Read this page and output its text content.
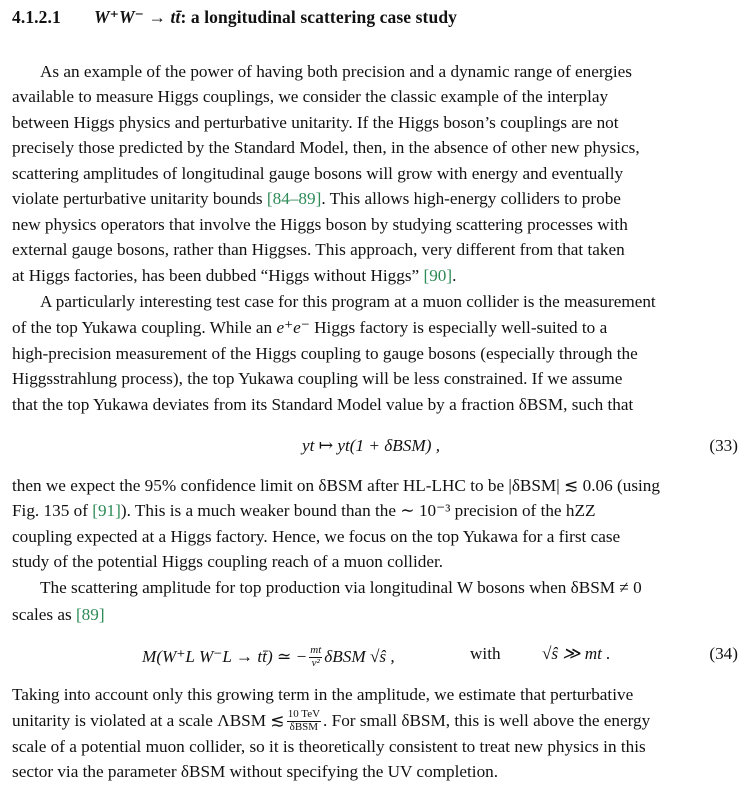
4.1.2.1 W⁺W⁻ → tt̄: a longitudinal scattering case study
As an example of the power of having both precision and a dynamic range of energies
available to measure Higgs couplings, we consider the classic example of the interplay
between Higgs physics and perturbative unitarity. If the Higgs boson’s couplings are not
precisely those predicted by the Standard Model, then, in the absence of other new physics,
scattering amplitudes of longitudinal gauge bosons will grow with energy and eventually
violate perturbative unitarity bounds [84–89]. This allows high-energy colliders to probe
new physics operators that involve the Higgs boson by studying scattering processes with
external gauge bosons, rather than Higgses. This approach, very different from that taken
at Higgs factories, has been dubbed “Higgs without Higgs”
[90] .
A particularly interesting test case for this program at a muon collider is the measurement
of the top Yukawa coupling. While an e⁺e⁻ Higgs factory is especially well-suited to a
high-precision measurement of the Higgs coupling to gauge bosons (especially through the
Higgsstrahlung process), the top Yukawa coupling will be less constrained. If we assume
that the top Yukawa deviates from its Standard Model value by a fraction δBSM, such that
yt ↦ yt(1 + δBSM) ,	(33)
then we expect the 95% confidence limit on δBSM after HL-LHC to be |δBSM| ≲ 0.06 (using
Fig. 135 of [91]). This is a much weaker bound than the ∼ 10⁻³ precision of the hZZ
coupling expected at a Higgs factory. Hence, we focus on the top Yukawa for a first case
study of the potential Higgs coupling reach of a muon collider.
The scattering amplitude for top production via longitudinal W bosons when δBSM ≠ 0
scales as
[89]
M(W⁺L W⁻L → tt̄) ≃ − $\frac{mt}{\text{v²}}$ δBSM √ŝ ,	with √ŝ ≫ mt .	(34)
Taking into account only this growing term in the amplitude, we estimate that perturbative
unitarity is violated at a scale ΛBSM ≲ $\frac{\text{10 TeV}}{\text{δBSM}}$ . For small δBSM, this is well above the energy
scale of a potential muon collider, so it is theoretically consistent to treat new physics in this
sector via the parameter δBSM without specifying the UV completion.
